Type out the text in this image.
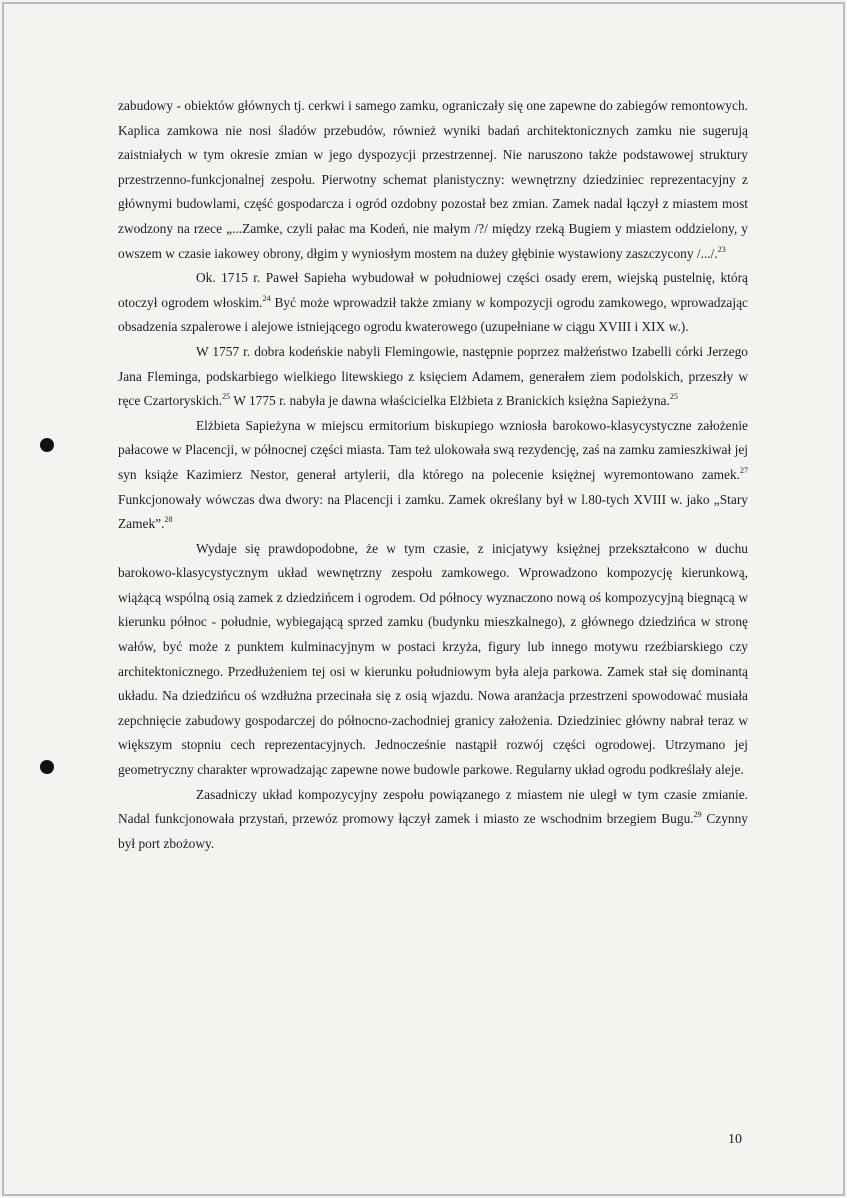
zabudowy - obiektów głównych tj. cerkwi i samego zamku, ograniczały się one zapewne do zabiegów remontowych. Kaplica zamkowa nie nosi śladów przebudów, również wyniki badań architektonicznych zamku nie sugerują zaistniałych w tym okresie zmian w jego dyspozycji przestrzennej. Nie naruszono także podstawowej struktury przestrzenno-funkcjonalnej zespołu. Pierwotny schemat planistyczny: wewnętrzny dziedziniec reprezentacyjny z głównymi budowlami, część gospodarcza i ogród ozdobny pozostał bez zmian. Zamek nadal łączył z miastem most zwodzony na rzece „...Zamke, czyli pałac ma Kodeń, nie małym /?/ między rzeką Bugiem y miastem oddzielony, y owszem w czasie iakowey obrony, dłgim y wyniosłym mostem na dużey głębinie wystawiony zaszczycony /.../.$^{23}$

Ok. 1715 r. Paweł Sapieha wybudował w południowej części osady erem, wiejską pustelnię, którą otoczył ogrodem włoskim.$^{24}$ Być może wprowadził także zmiany w kompozycji ogrodu zamkowego, wprowadzając obsadzenia szpalerowe i alejowe istniejącego ogrodu kwaterowego (uzupełniane w ciągu XVIII i XIX w.).

W 1757 r. dobra kodeńskie nabyli Flemingowie, następnie poprzez małżeństwo Izabelli córki Jerzego Jana Fleminga, podskarbiego wielkiego litewskiego z księciem Adamem, generałem ziem podolskich, przeszły w ręce Czartoryskich.$^{25}$ W 1775 r. nabyła je dawna właścicielka Elżbieta z Branickich księżna Sapieżyna.$^{25}$

Elżbieta Sapieżyna w miejscu ermitorium biskupiego wzniosła barokowo-klasycystyczne założenie pałacowe w Placencji, w północnej części miasta. Tam też ulokowała swą rezydencję, zaś na zamku zamieszkiwał jej syn książe Kazimierz Nestor, generał artylerii, dla którego na polecenie księżnej wyremontowano zamek.$^{27}$ Funkcjonowały wówczas dwa dwory: na Placencji i zamku. Zamek określany był w l.80-tych XVIII w. jako „Stary Zamek”.$^{28}$

Wydaje się prawdopodobne, że w tym czasie, z inicjatywy księżnej przekształcono w duchu barokowo-klasycystycznym układ wewnętrzny zespołu zamkowego. Wprowadzono kompozycję kierunkową, wiążącą wspólną osią zamek z dziedzińcem i ogrodem. Od północy wyznaczono nową oś kompozycyjną biegnącą w kierunku północ - południe, wybiegającą sprzed zamku (budynku mieszkalnego), z głównego dziedzińca w stronę wałów, być może z punktem kulminacyjnym w postaci krzyża, figury lub innego motywu rzeźbiarskiego czy architektonicznego. Przedłużeniem tej osi w kierunku południowym była aleja parkowa. Zamek stał się dominantą układu. Na dziedzińcu oś wzdłużna przecinała się z osią wjazdu. Nowa aranżacja przestrzeni spowodować musiała zepchnięcie zabudowy gospodarczej do północno-zachodniej granicy założenia. Dziedziniec główny nabrał teraz w większym stopniu cech reprezentacyjnych. Jednocześnie nastąpił rozwój części ogrodowej. Utrzymano jej geometryczny charakter wprowadzając zapewne nowe budowle parkowe. Regularny układ ogrodu podkreślały aleje.

Zasadniczy układ kompozycyjny zespołu powiązanego z miastem nie uległ w tym czasie zmianie. Nadal funkcjonowała przystań, przewóz promowy łączył zamek i miasto ze wschodnim brzegiem Bugu.$^{29}$ Czynny był port zbożowy.

10
